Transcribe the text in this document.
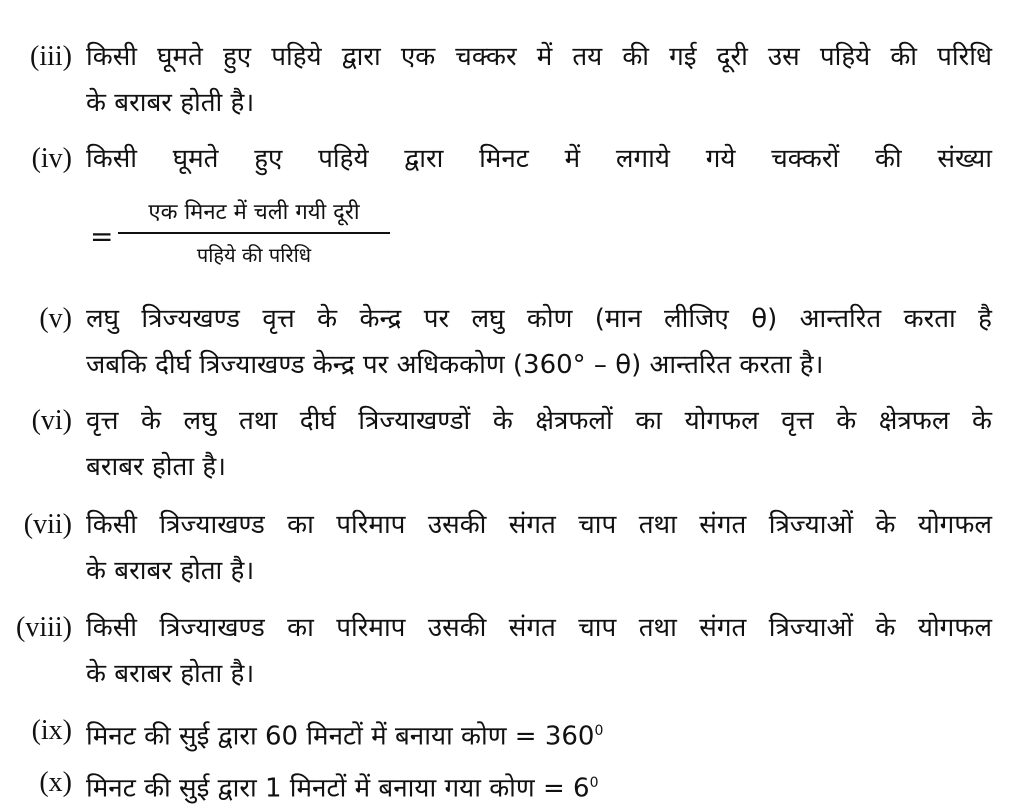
(iii) किसी घूमते हुए पहिये द्वारा एक चक्कर में तय की गई दूरी उस पहिये की परिधि
के बराबर होती है।
(iv) किसी घूमते हुए पहिये द्वारा मिनट में लगाये गये चक्करों की संख्या
=
एक मिनट में चली गयी दूरी
पहिये की परिधि
(v) लघु त्रिज्यखण्ड वृत्त के केन्द्र पर लघु कोण (मान लीजिए θ) आन्तरित करता है
जबकि दीर्घ त्रिज्याखण्ड केन्द्र पर अधिककोण (360° – θ) आन्तरित करता है।
(vi) वृत्त के लघु तथा दीर्घ त्रिज्याखण्डों के क्षेत्रफलों का योगफल वृत्त के क्षेत्रफल के
बराबर होता है।
(vii) किसी त्रिज्याखण्ड का परिमाप उसकी संगत चाप तथा संगत त्रिज्याओं के योगफल
के बराबर होता है।
(viii) किसी त्रिज्याखण्ड का परिमाप उसकी संगत चाप तथा संगत त्रिज्याओं के योगफल
के बराबर होता है।
(ix) मिनट की सुई द्वारा 60 मिनटों में बनाया कोण = $360^0$
(x) मिनट की सुई द्वारा 1 मिनटों में बनाया गया कोण = $6^0$
